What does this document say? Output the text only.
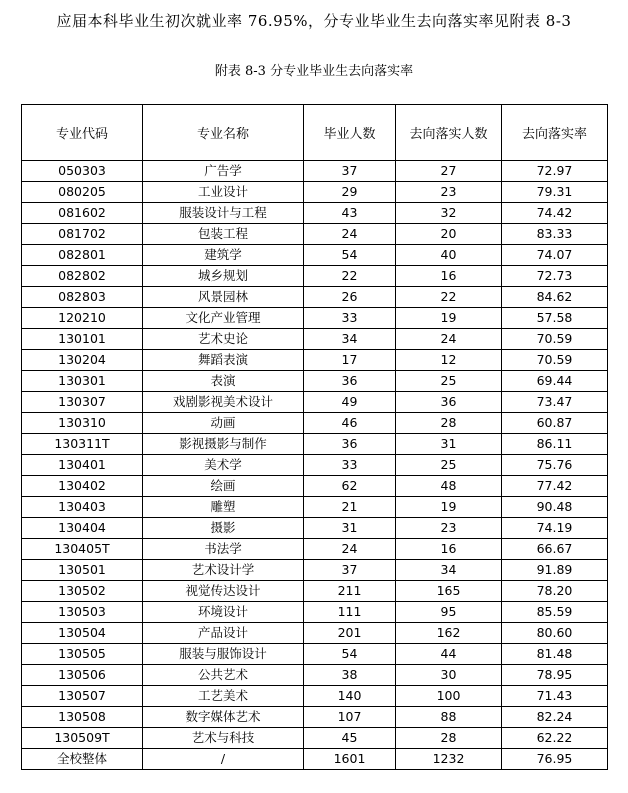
应届本科毕业生初次就业率 76.95%，分专业毕业生去向落实率见附表 8-3
附表 8-3 分专业毕业生去向落实率
专业代码	专业名称	毕业人数	去向落实人数	去向落实率
050303	广告学	37	27	72.97
080205	工业设计	29	23	79.31
081602	服装设计与工程	43	32	74.42
081702	包装工程	24	20	83.33
082801	建筑学	54	40	74.07
082802	城乡规划	22	16	72.73
082803	风景园林	26	22	84.62
120210	文化产业管理	33	19	57.58
130101	艺术史论	34	24	70.59
130204	舞蹈表演	17	12	70.59
130301	表演	36	25	69.44
130307	戏剧影视美术设计	49	36	73.47
130310	动画	46	28	60.87
130311T	影视摄影与制作	36	31	86.11
130401	美术学	33	25	75.76
130402	绘画	62	48	77.42
130403	雕塑	21	19	90.48
130404	摄影	31	23	74.19
130405T	书法学	24	16	66.67
130501	艺术设计学	37	34	91.89
130502	视觉传达设计	211	165	78.20
130503	环境设计	111	95	85.59
130504	产品设计	201	162	80.60
130505	服装与服饰设计	54	44	81.48
130506	公共艺术	38	30	78.95
130507	工艺美术	140	100	71.43
130508	数字媒体艺术	107	88	82.24
130509T	艺术与科技	45	28	62.22
全校整体	/	1601	1232	76.95
